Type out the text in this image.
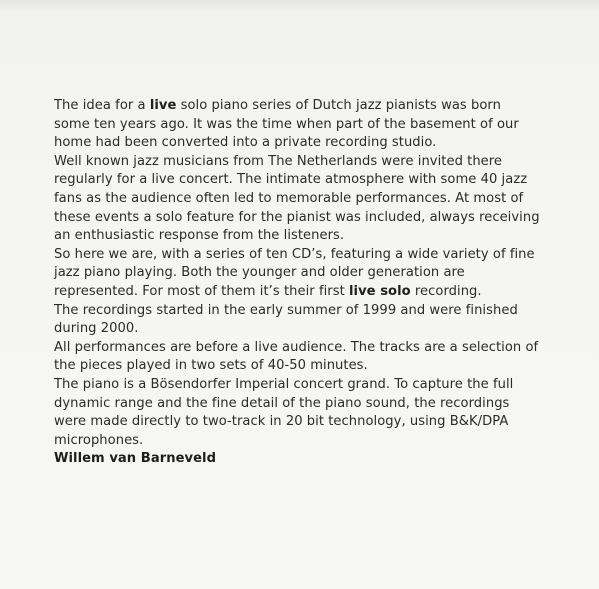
The idea for a live solo piano series of Dutch jazz pianists was born
some ten years ago. It was the time when part of the basement of our
home had been converted into a private recording studio.
Well known jazz musicians from The Netherlands were invited there
regularly for a live concert. The intimate atmosphere with some 40 jazz
fans as the audience often led to memorable performances. At most of
these events a solo feature for the pianist was included, always receiving
an enthusiastic response from the listeners.
So here we are, with a series of ten CD’s, featuring a wide variety of fine
jazz piano playing. Both the younger and older generation are
represented. For most of them it’s their first live solo recording.
The recordings started in the early summer of 1999 and were finished
during 2000.
All performances are before a live audience. The tracks are a selection of
the pieces played in two sets of 40-50 minutes.
The piano is a Bösendorfer Imperial concert grand. To capture the full
dynamic range and the fine detail of the piano sound, the recordings
were made directly to two-track in 20 bit technology, using B&K/DPA
microphones.
Willem van Barneveld
